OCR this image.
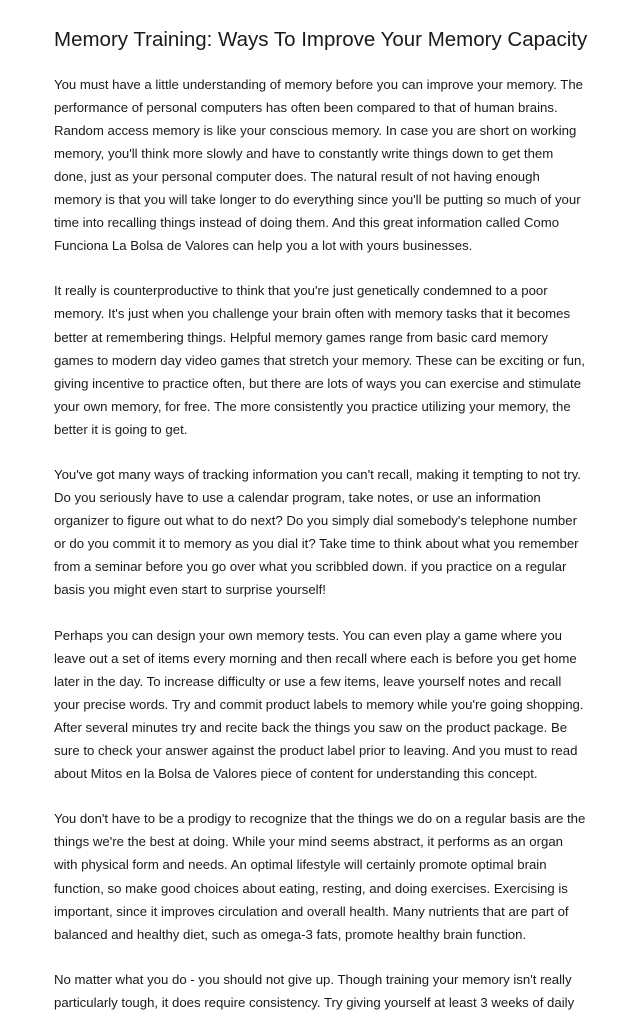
Memory Training: Ways To Improve Your Memory Capacity

You must have a little understanding of memory before you can improve your memory. The performance of personal computers has often been compared to that of human brains. Random access memory is like your conscious memory. In case you are short on working memory, you'll think more slowly and have to constantly write things down to get them done, just as your personal computer does. The natural result of not having enough memory is that you will take longer to do everything since you'll be putting so much of your time into recalling things instead of doing them. And this great information called Como Funciona La Bolsa de Valores can help you a lot with yours businesses.

It really is counterproductive to think that you're just genetically condemned to a poor memory. It's just when you challenge your brain often with memory tasks that it becomes better at remembering things. Helpful memory games range from basic card memory games to modern day video games that stretch your memory. These can be exciting or fun, giving incentive to practice often, but there are lots of ways you can exercise and stimulate your own memory, for free. The more consistently you practice utilizing your memory, the better it is going to get.

You've got many ways of tracking information you can't recall, making it tempting to not try. Do you seriously have to use a calendar program, take notes, or use an information organizer to figure out what to do next? Do you simply dial somebody's telephone number or do you commit it to memory as you dial it? Take time to think about what you remember from a seminar before you go over what you scribbled down. if you practice on a regular basis you might even start to surprise yourself!

Perhaps you can design your own memory tests. You can even play a game where you leave out a set of items every morning and then recall where each is before you get home later in the day. To increase difficulty or use a few items, leave yourself notes and recall your precise words. Try and commit product labels to memory while you're going shopping. After several minutes try and recite back the things you saw on the product package. Be sure to check your answer against the product label prior to leaving. And you must to read about Mitos en la Bolsa de Valores piece of content for understanding this concept.

You don't have to be a prodigy to recognize that the things we do on a regular basis are the things we're the best at doing. While your mind seems abstract, it performs as an organ with physical form and needs. An optimal lifestyle will certainly promote optimal brain function, so make good choices about eating, resting, and doing exercises. Exercising is important, since it improves circulation and overall health. Many nutrients that are part of balanced and healthy diet, such as omega-3 fats, promote healthy brain function.

No matter what you do - you should not give up. Though training your memory isn't really particularly tough, it does require consistency. Try giving yourself at least 3 weeks of daily
